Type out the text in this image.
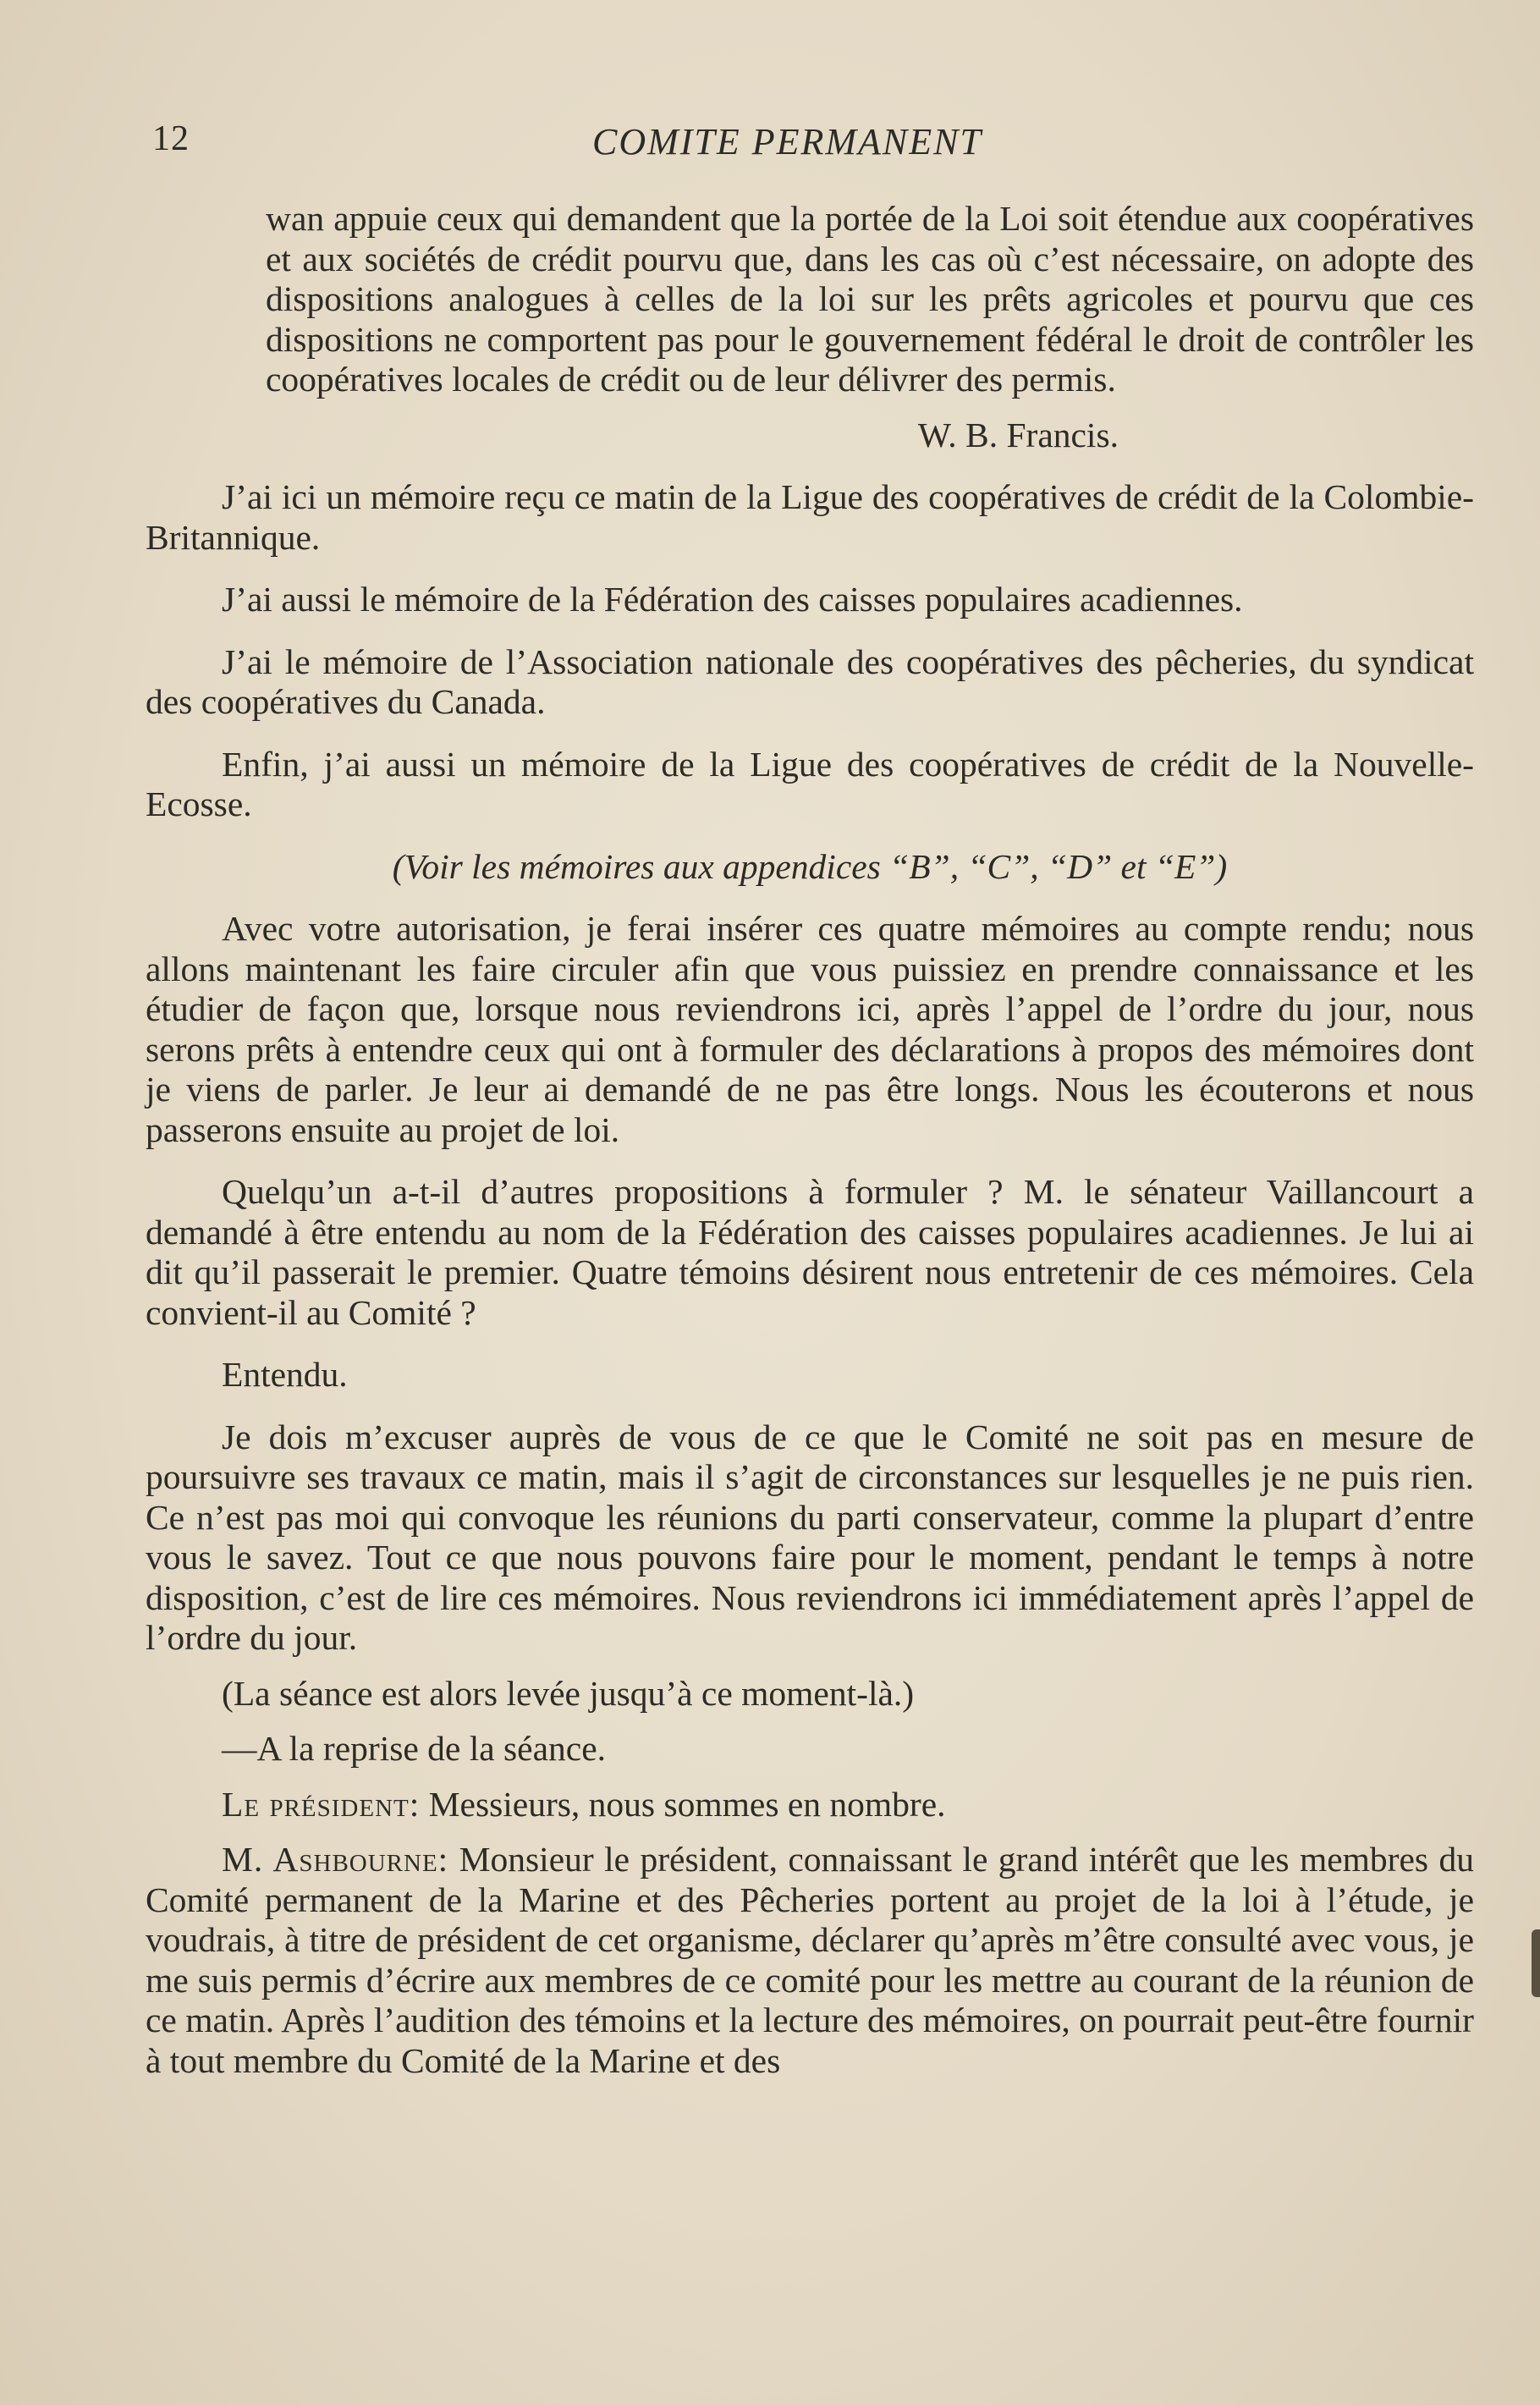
12	COMITE PERMANENT

wan appuie ceux qui demandent que la portée de la Loi soit étendue aux coopératives et aux sociétés de crédit pourvu que, dans les cas où c’est nécessaire, on adopte des dispositions analogues à celles de la loi sur les prêts agricoles et pourvu que ces dispositions ne comportent pas pour le gouvernement fédéral le droit de contrôler les coopératives locales de crédit ou de leur délivrer des permis.

W. B. Francis.

J’ai ici un mémoire reçu ce matin de la Ligue des coopératives de crédit de la Colombie-Britannique.

J’ai aussi le mémoire de la Fédération des caisses populaires acadiennes.

J’ai le mémoire de l’Association nationale des coopératives des pêcheries, du syndicat des coopératives du Canada.

Enfin, j’ai aussi un mémoire de la Ligue des coopératives de crédit de la Nouvelle-Ecosse.

(Voir les mémoires aux appendices “B”, “C”, “D” et “E”)

Avec votre autorisation, je ferai insérer ces quatre mémoires au compte rendu; nous allons maintenant les faire circuler afin que vous puissiez en prendre connaissance et les étudier de façon que, lorsque nous reviendrons ici, après l’appel de l’ordre du jour, nous serons prêts à entendre ceux qui ont à formuler des déclarations à propos des mémoires dont je viens de parler. Je leur ai demandé de ne pas être longs. Nous les écouterons et nous passerons ensuite au projet de loi.

Quelqu’un a-t-il d’autres propositions à formuler ? M. le sénateur Vaillancourt a demandé à être entendu au nom de la Fédération des caisses populaires acadiennes. Je lui ai dit qu’il passerait le premier. Quatre témoins désirent nous entretenir de ces mémoires. Cela convient-il au Comité ?

Entendu.

Je dois m’excuser auprès de vous de ce que le Comité ne soit pas en mesure de poursuivre ses travaux ce matin, mais il s’agit de circonstances sur lesquelles je ne puis rien. Ce n’est pas moi qui convoque les réunions du parti conservateur, comme la plupart d’entre vous le savez. Tout ce que nous pouvons faire pour le moment, pendant le temps à notre disposition, c’est de lire ces mémoires. Nous reviendrons ici immédiatement après l’appel de l’ordre du jour.

(La séance est alors levée jusqu’à ce moment-là.)

—A la reprise de la séance.

Le président: Messieurs, nous sommes en nombre.

M. Ashbourne: Monsieur le président, connaissant le grand intérêt que les membres du Comité permanent de la Marine et des Pêcheries portent au projet de la loi à l’étude, je voudrais, à titre de président de cet organisme, déclarer qu’après m’être consulté avec vous, je me suis permis d’écrire aux membres de ce comité pour les mettre au courant de la réunion de ce matin. Après l’audition des témoins et la lecture des mémoires, on pourrait peut-être fournir à tout membre du Comité de la Marine et des
